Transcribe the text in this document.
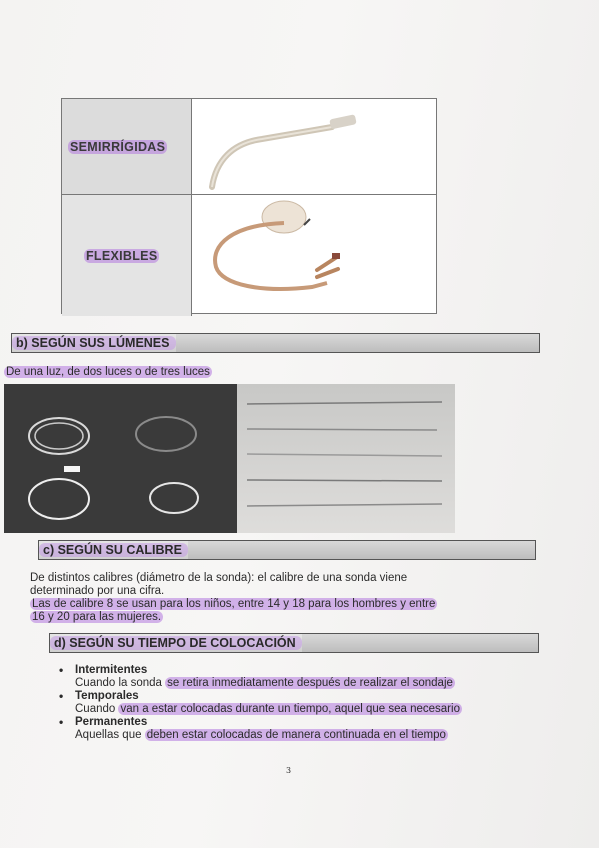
SEMIRRÍGIDAS
FLEXIBLES
b) SEGÚN SUS LÚMENES
De una luz, de dos luces o de tres luces
c) SEGÚN SU CALIBRE
De distintos calibres (diámetro de la sonda): el calibre de una sonda viene
determinado por una cifra.
Las de calibre 8 se usan para los niños, entre 14 y 18 para los hombres y entre
16 y 20 para las mujeres.
d) SEGÚN SU TIEMPO DE COLOCACIÓN
• Intermitentes
Cuando la sonda se retira inmediatamente después de realizar el sondaje
• Temporales
Cuando van a estar colocadas durante un tiempo, aquel que sea necesario
• Permanentes
Aquellas que deben estar colocadas de manera continuada en el tiempo
3
